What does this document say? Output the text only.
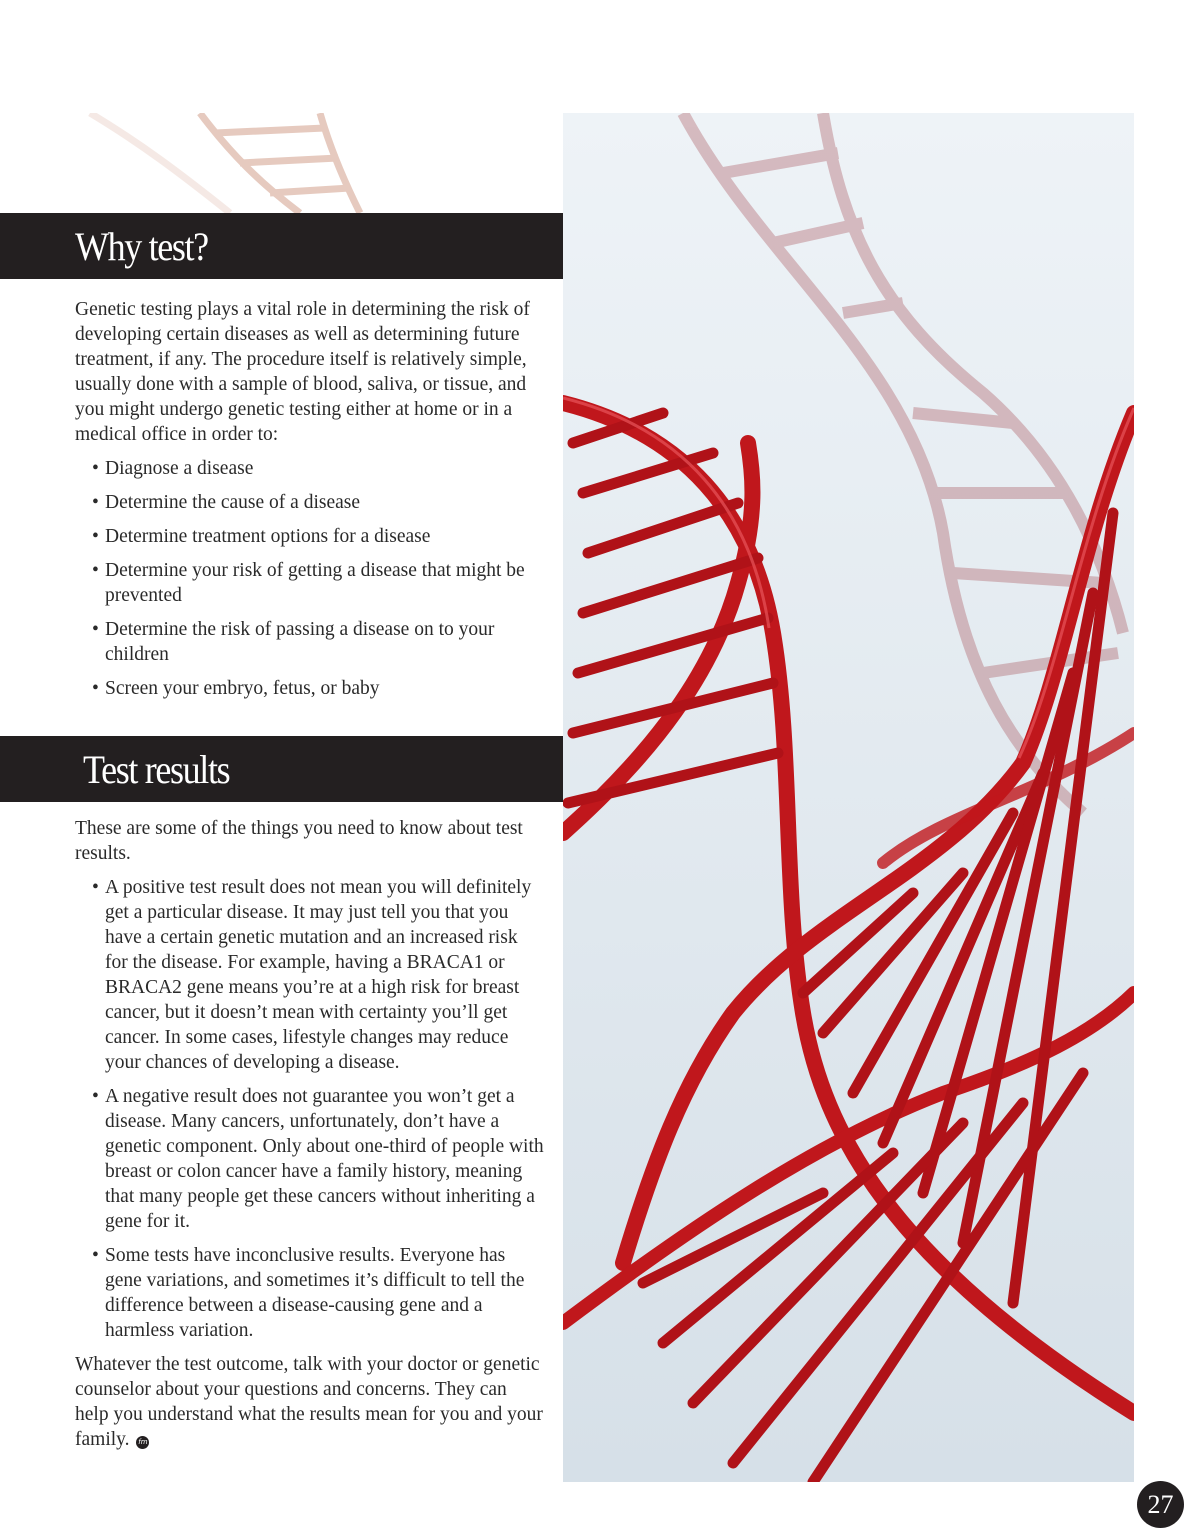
Why test?

Genetic testing plays a vital role in determining the risk of developing certain diseases as well as determining future treatment, if any. The procedure itself is relatively simple, usually done with a sample of blood, saliva, or tissue, and you might undergo genetic testing either at home or in a medical office in order to:

• Diagnose a disease
• Determine the cause of a disease
• Determine treatment options for a disease
• Determine your risk of getting a disease that might be prevented
• Determine the risk of passing a disease on to your children
• Screen your embryo, fetus, or baby
Test results

These are some of the things you need to know about test results.

• A positive test result does not mean you will definitely get a particular disease. It may just tell you that you have a certain genetic mutation and an increased risk for the disease. For example, having a BRACA1 or BRACA2 gene means you’re at a high risk for breast cancer, but it doesn’t mean with certainty you’ll get cancer. In some cases, lifestyle changes may reduce your chances of developing a disease.
• A negative result does not guarantee you won’t get a disease. Many cancers, unfortunately, don’t have a genetic component. Only about one-third of people with breast or colon cancer have a family history, meaning that many people get these cancers without inheriting a gene for it.
• Some tests have inconclusive results. Everyone has gene variations, and sometimes it’s difficult to tell the difference between a disease-causing gene and a harmless variation.

Whatever the test outcome, talk with your doctor or genetic counselor about your questions and concerns. They can help you understand what the results mean for you and your family. fm

27
